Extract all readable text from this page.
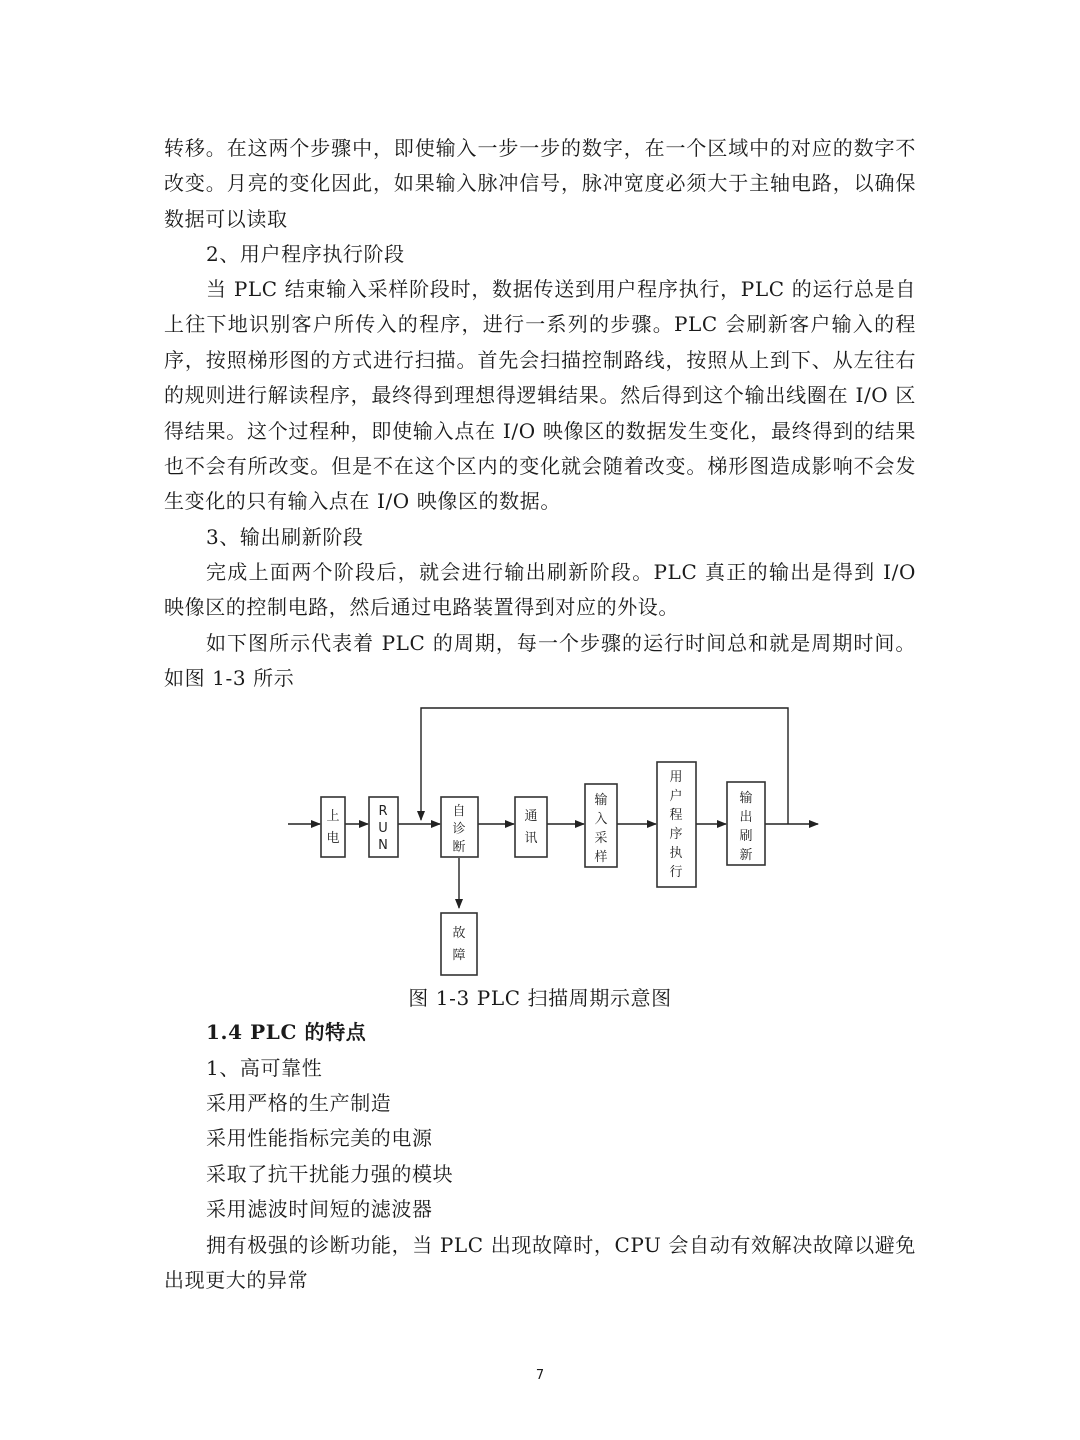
转移。在这两个步骤中，即使输入一步一步的数字，在一个区域中的对应的数字不改变。月亮的变化因此，如果输入脉冲信号，脉冲宽度必须大于主轴电路，以确保数据可以读取

2、用户程序执行阶段

当 PLC 结束输入采样阶段时，数据传送到用户程序执行，PLC 的运行总是自上往下地识别客户所传入的程序，进行一系列的步骤。PLC 会刷新客户输入的程序，按照梯形图的方式进行扫描。首先会扫描控制路线，按照从上到下、从左往右的规则进行解读程序，最终得到理想得逻辑结果。然后得到这个输出线圈在 I/O 区得结果。这个过程种，即使输入点在 I/O 映像区的数据发生变化，最终得到的结果也不会有所改变。但是不在这个区内的变化就会随着改变。梯形图造成影响不会发生变化的只有输入点在 I/O 映像区的数据。

3、输出刷新阶段

完成上面两个阶段后，就会进行输出刷新阶段。PLC 真正的输出是得到 I/O 映像区的控制电路，然后通过电路装置得到对应的外设。

如下图所示代表着 PLC 的周期，每一个步骤的运行时间总和就是周期时间。如图 1-3 所示

上
电
R
U
N
自
诊
断
通
讯
输
入
采
样
用
户
程
序
执
行
输
出
刷
新
故
障
图 1-3 PLC 扫描周期示意图

1.4 PLC 的特点

1、高可靠性

采用严格的生产制造

采用性能指标完美的电源

采取了抗干扰能力强的模块

采用滤波时间短的滤波器

拥有极强的诊断功能，当 PLC 出现故障时，CPU 会自动有效解决故障以避免出现更大的异常

7
